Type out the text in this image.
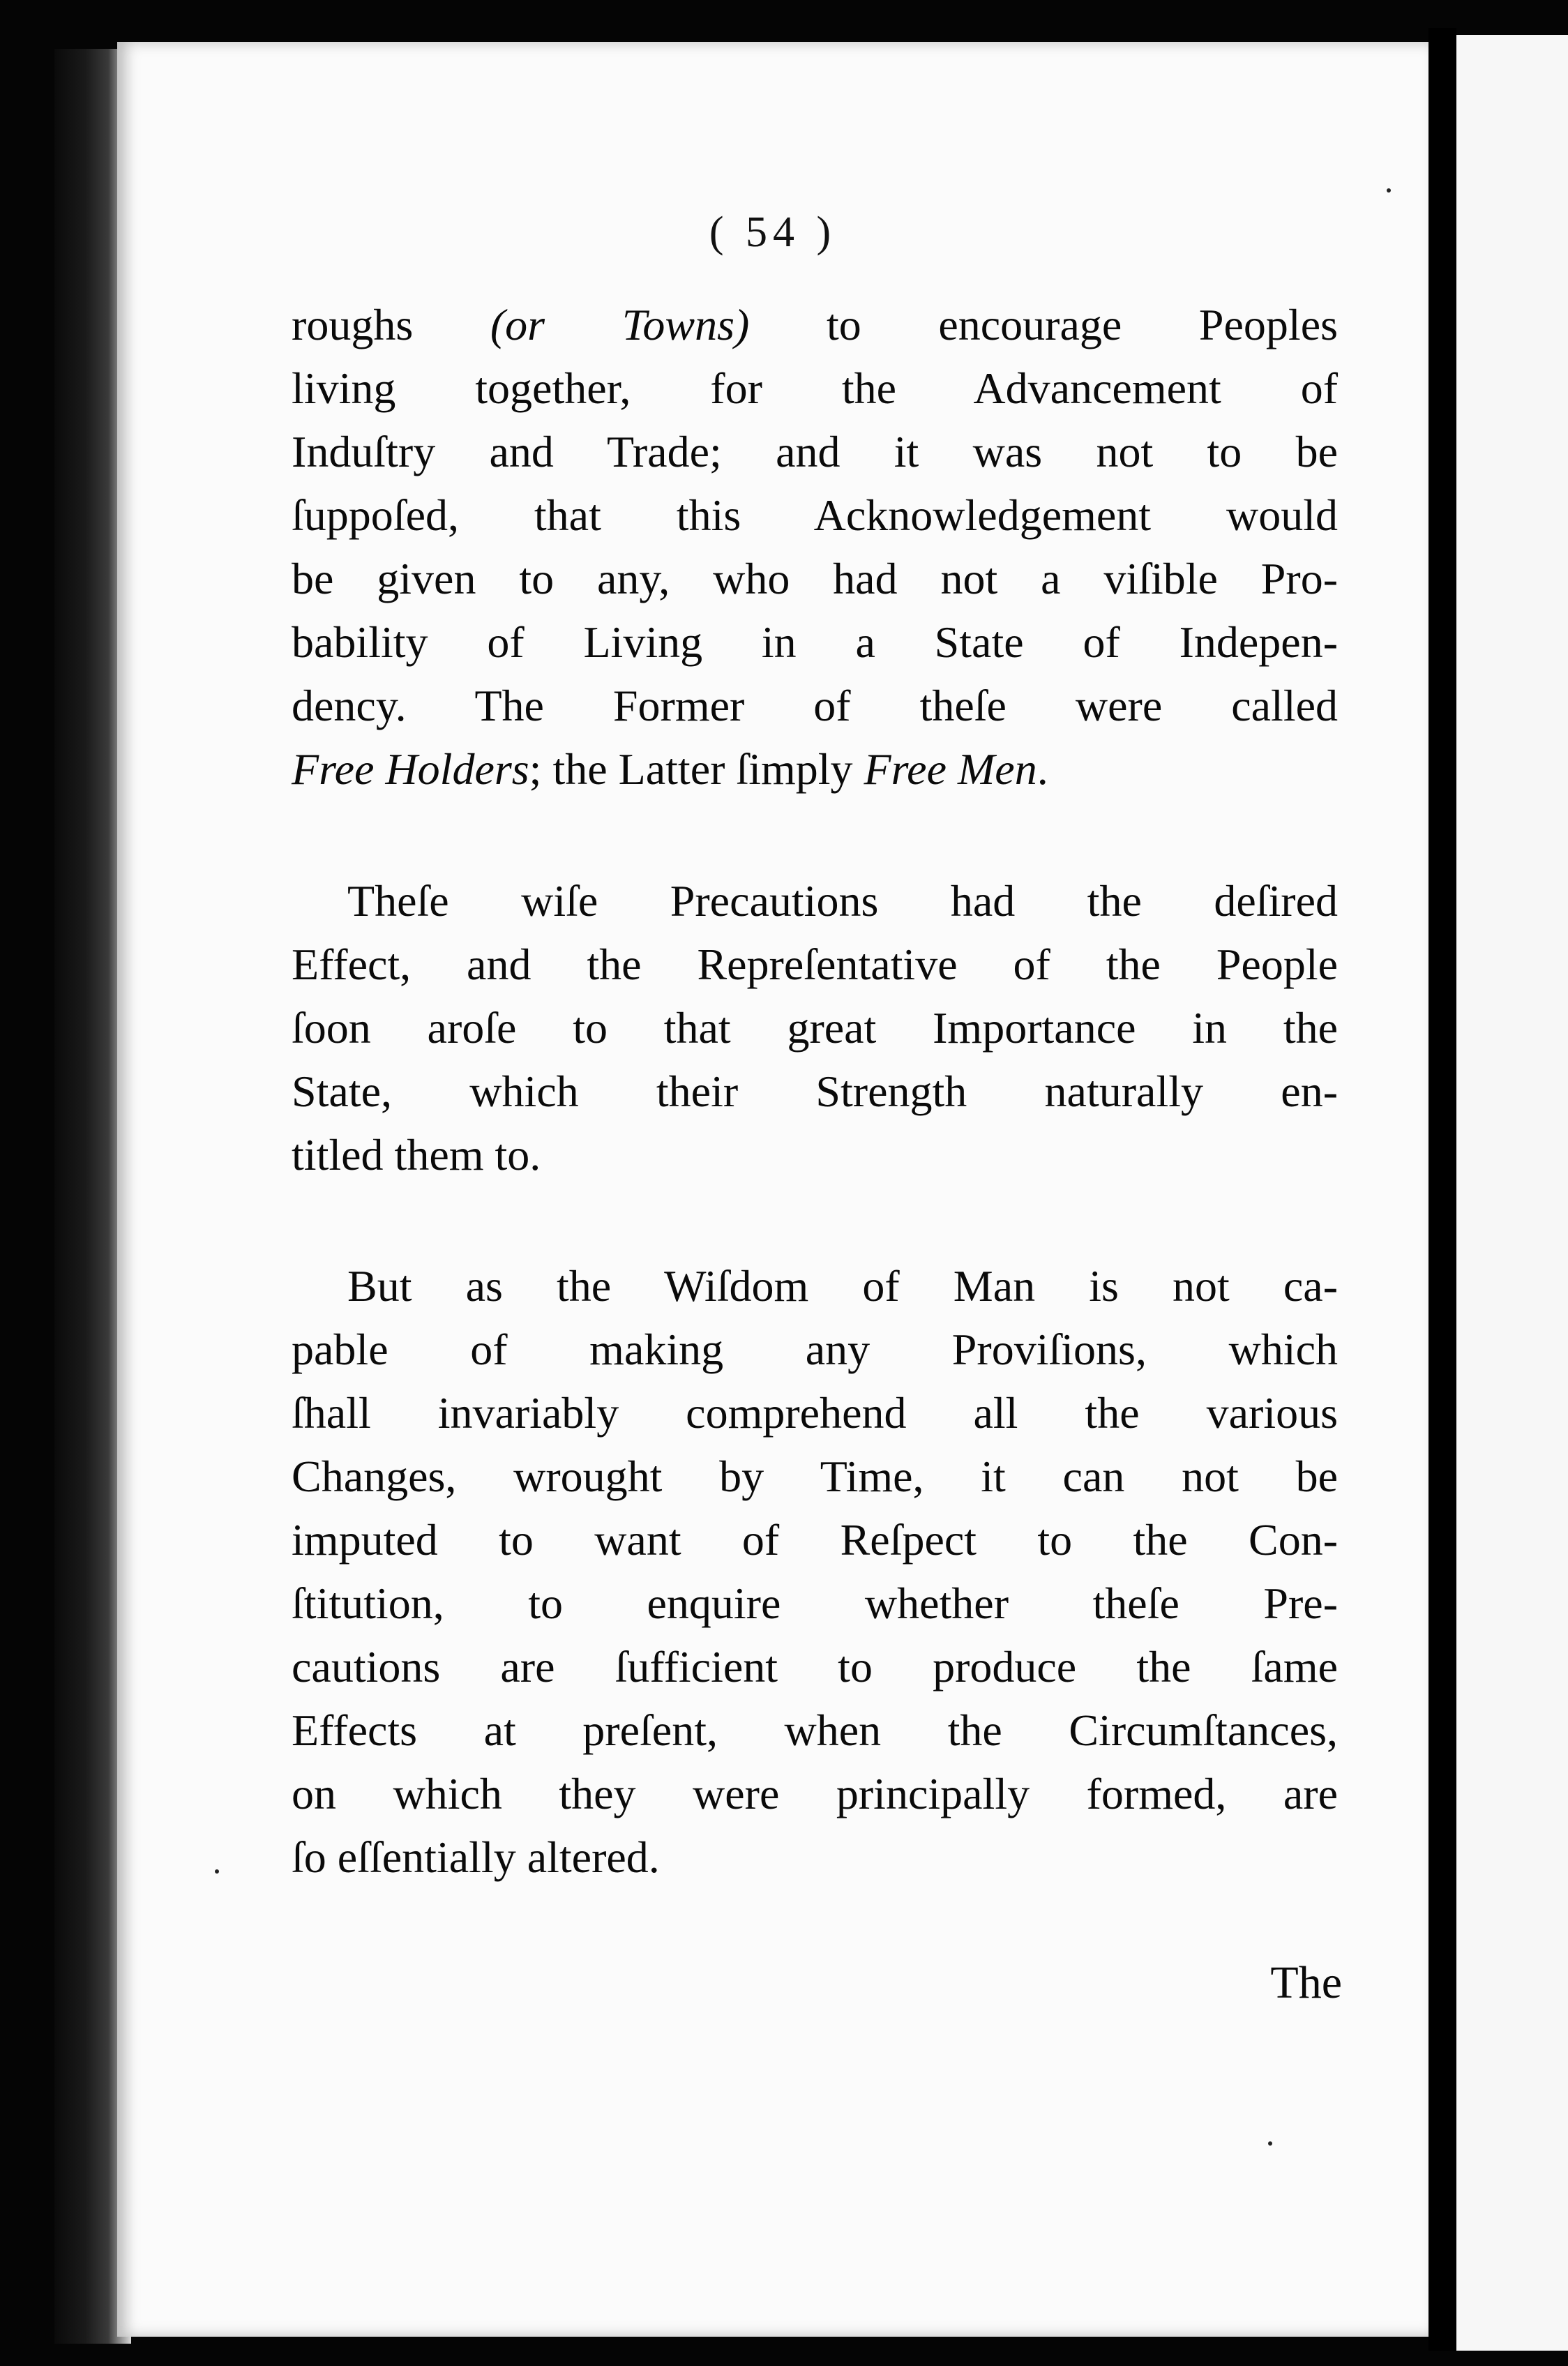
( 54 )
roughs (or Towns) to encourage Peoples
living together, for the Advancement of
Induſtry and Trade; and it was not to be
ſuppoſed, that this Acknowledgement would
be given to any, who had not a viſible Pro-
bability of Living in a State of Indepen-
dency. The Former of theſe were called
Free Holders; the Latter ſimply Free Men.
Theſe wiſe Precautions had the deſired
Effect, and the Repreſentative of the People
ſoon aroſe to that great Importance in the
State, which their Strength naturally en-
titled them to.
But as the Wiſdom of Man is not ca-
pable of making any Proviſions, which
ſhall invariably comprehend all the various
Changes, wrought by Time, it can not be
imputed to want of Reſpect to the Con-
ſtitution, to enquire whether theſe Pre-
cautions are ſufficient to produce the ſame
Effects at preſent, when the Circumſtances,
on which they were principally formed, are
ſo eſſentially altered.
The
